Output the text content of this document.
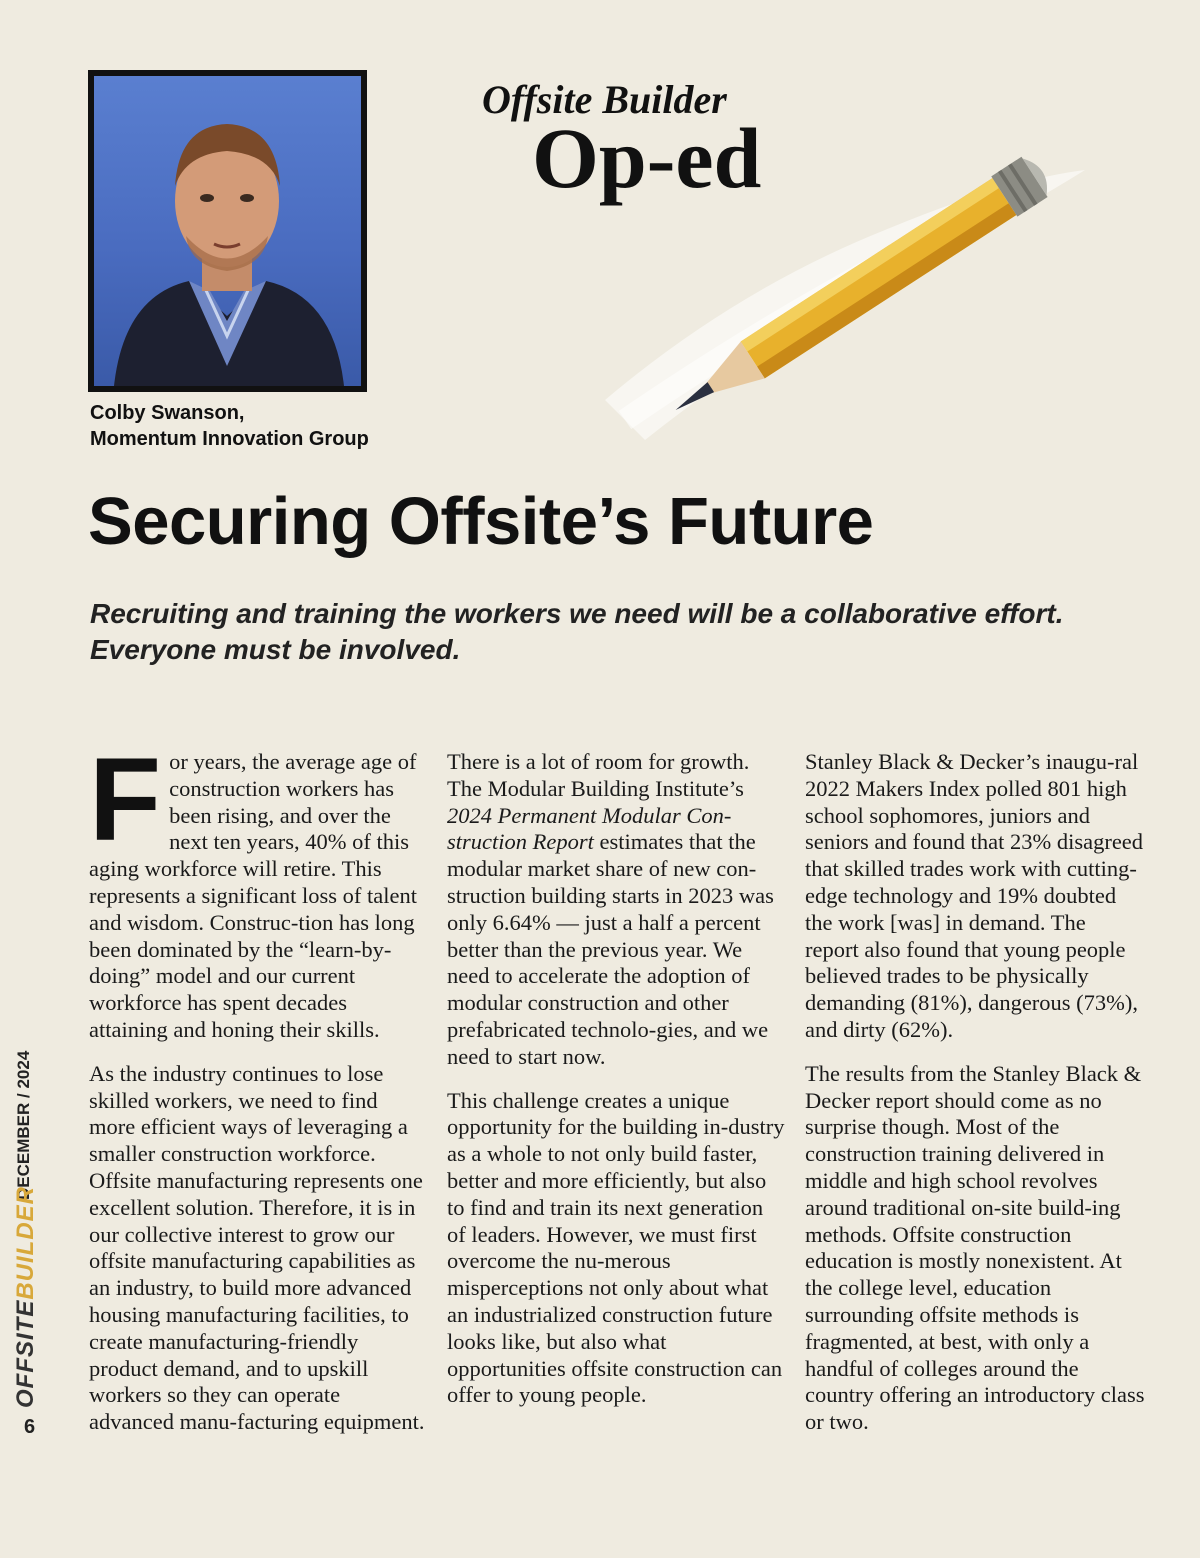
Colby Swanson,
Momentum Innovation Group
Offsite Builder
Op-ed
Securing Offsite’s Future
Recruiting and training the workers we need will be a collaborative effort. Everyone must be involved.

For years, the average age of construction workers has been rising, and over the next ten years, 40% of this aging workforce will retire. This represents a significant loss of talent and wisdom. Construc-tion has long been dominated by the “learn-by-doing” model and our current workforce has spent decades attaining and honing their skills.

As the industry continues to lose skilled workers, we need to find more efficient ways of leveraging a smaller construction workforce. Offsite manufacturing represents one excellent solution. Therefore, it is in our collective interest to grow our offsite manufacturing capabilities as an industry, to build more advanced housing manufacturing facilities, to create manufacturing-friendly product demand, and to upskill workers so they can operate advanced manu-facturing equipment.

There is a lot of room for growth. The Modular Building Institute’s 2024 Permanent Modular Con-struction Report estimates that the modular market share of new con-struction building starts in 2023 was only 6.64% — just a half a percent better than the previous year. We need to accelerate the adoption of modular construction and other prefabricated technolo-gies, and we need to start now.

This challenge creates a unique opportunity for the building in-dustry as a whole to not only build faster, better and more efficiently, but also to find and train its next generation of leaders. However, we must first overcome the nu-merous misperceptions not only about what an industrialized construction future looks like, but also what opportunities offsite construction can offer to young people.

Stanley Black & Decker’s inaugu-ral 2022 Makers Index polled 801 high school sophomores, juniors and seniors and found that 23% disagreed that skilled trades work with cutting-edge technology and 19% doubted the work [was] in demand. The report also found that young people believed trades to be physically demanding (81%), dangerous (73%), and dirty (62%).

The results from the Stanley Black & Decker report should come as no surprise though. Most of the construction training delivered in middle and high school revolves around traditional on-site build-ing methods. Offsite construction education is mostly nonexistent. At the college level, education surrounding offsite methods is fragmented, at best, with only a handful of colleges around the country offering an introductory class or two.

DECEMBER / 2024
OFFSITEBUILDER
6
